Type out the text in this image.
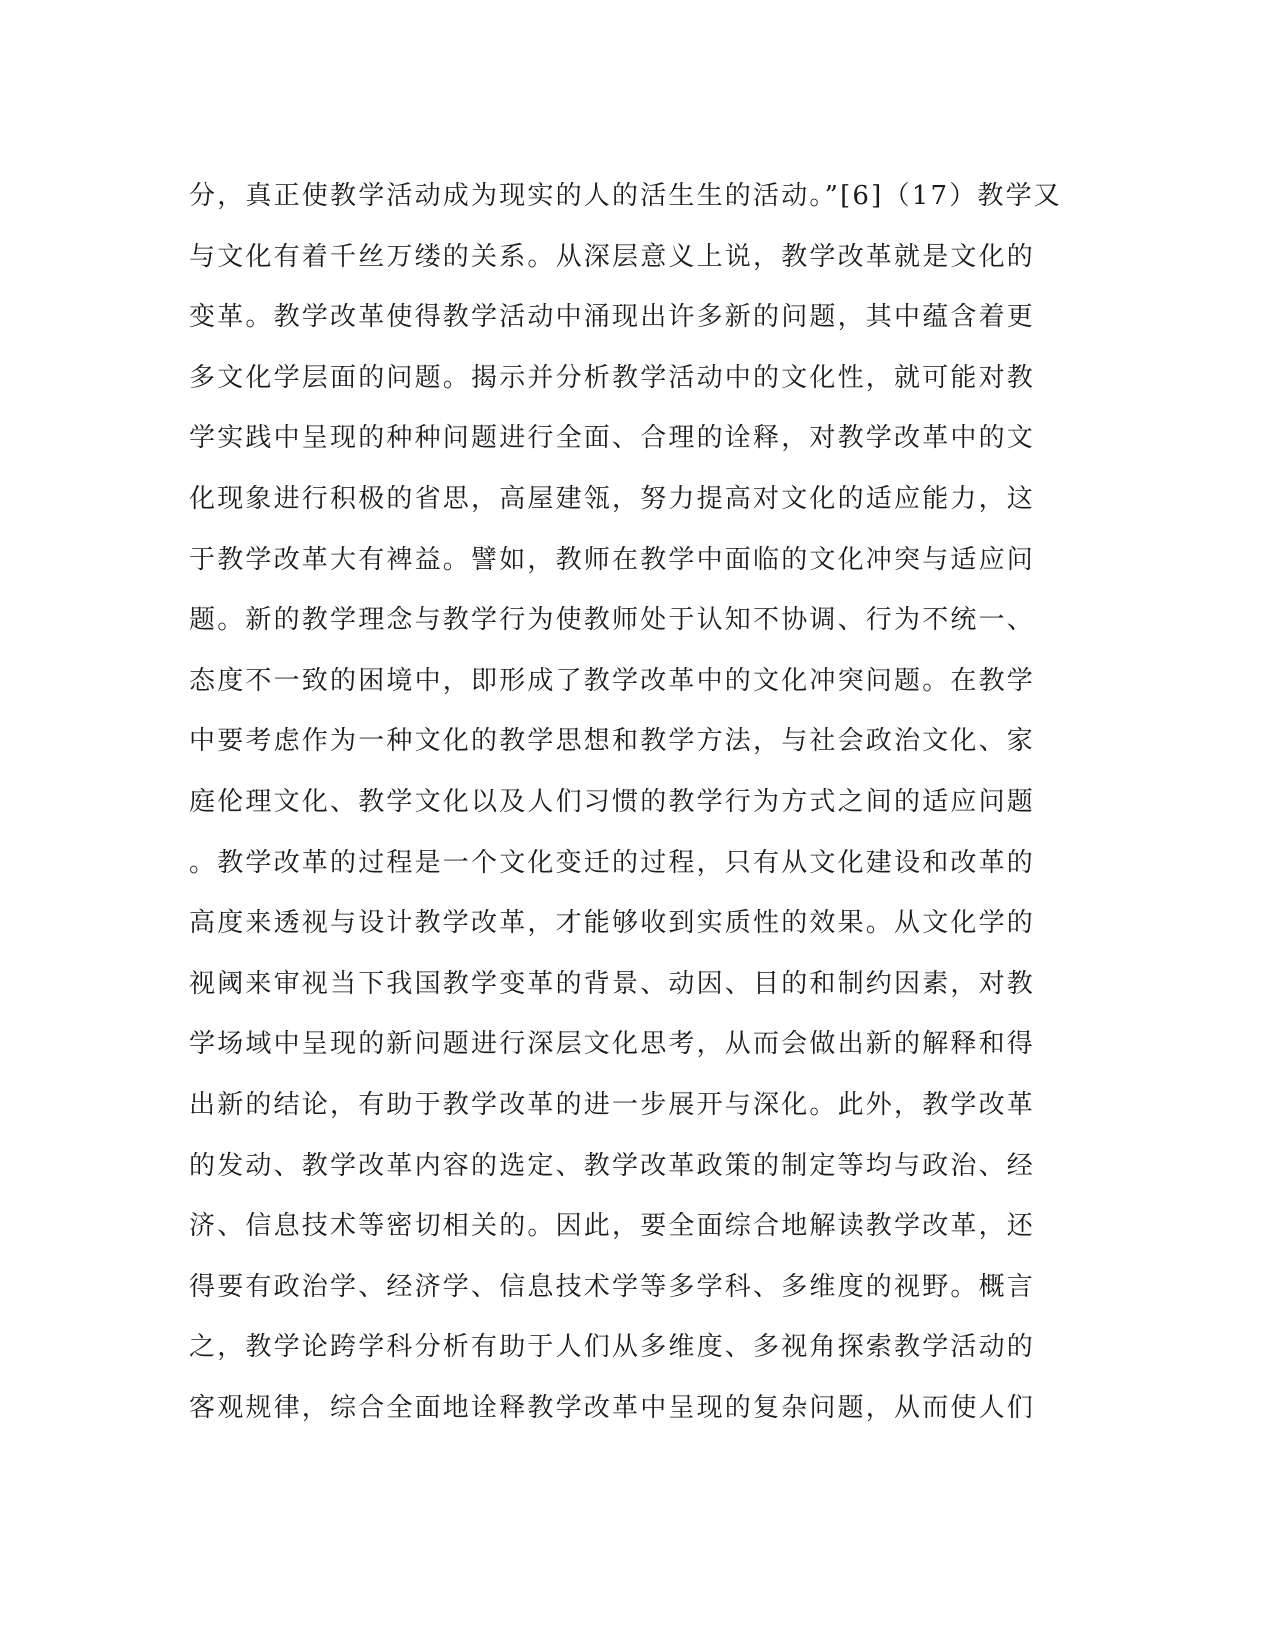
分，真正使教学活动成为现实的人的活生生的活动。”[6]（17）教学又
与文化有着千丝万缕的关系。从深层意义上说，教学改革就是文化的
变革。教学改革使得教学活动中涌现出许多新的问题，其中蕴含着更
多文化学层面的问题。揭示并分析教学活动中的文化性，就可能对教
学实践中呈现的种种问题进行全面、合理的诠释，对教学改革中的文
化现象进行积极的省思，高屋建瓴，努力提高对文化的适应能力，这
于教学改革大有裨益。譬如，教师在教学中面临的文化冲突与适应问
题。新的教学理念与教学行为使教师处于认知不协调、行为不统一、
态度不一致的困境中，即形成了教学改革中的文化冲突问题。在教学
中要考虑作为一种文化的教学思想和教学方法，与社会政治文化、家
庭伦理文化、教学文化以及人们习惯的教学行为方式之间的适应问题
。教学改革的过程是一个文化变迁的过程，只有从文化建设和改革的
高度来透视与设计教学改革，才能够收到实质性的效果。从文化学的
视阈来审视当下我国教学变革的背景、动因、目的和制约因素，对教
学场域中呈现的新问题进行深层文化思考，从而会做出新的解释和得
出新的结论，有助于教学改革的进一步展开与深化。此外，教学改革
的发动、教学改革内容的选定、教学改革政策的制定等均与政治、经
济、信息技术等密切相关的。因此，要全面综合地解读教学改革，还
得要有政治学、经济学、信息技术学等多学科、多维度的视野。概言
之，教学论跨学科分析有助于人们从多维度、多视角探索教学活动的
客观规律，综合全面地诠释教学改革中呈现的复杂问题，从而使人们
